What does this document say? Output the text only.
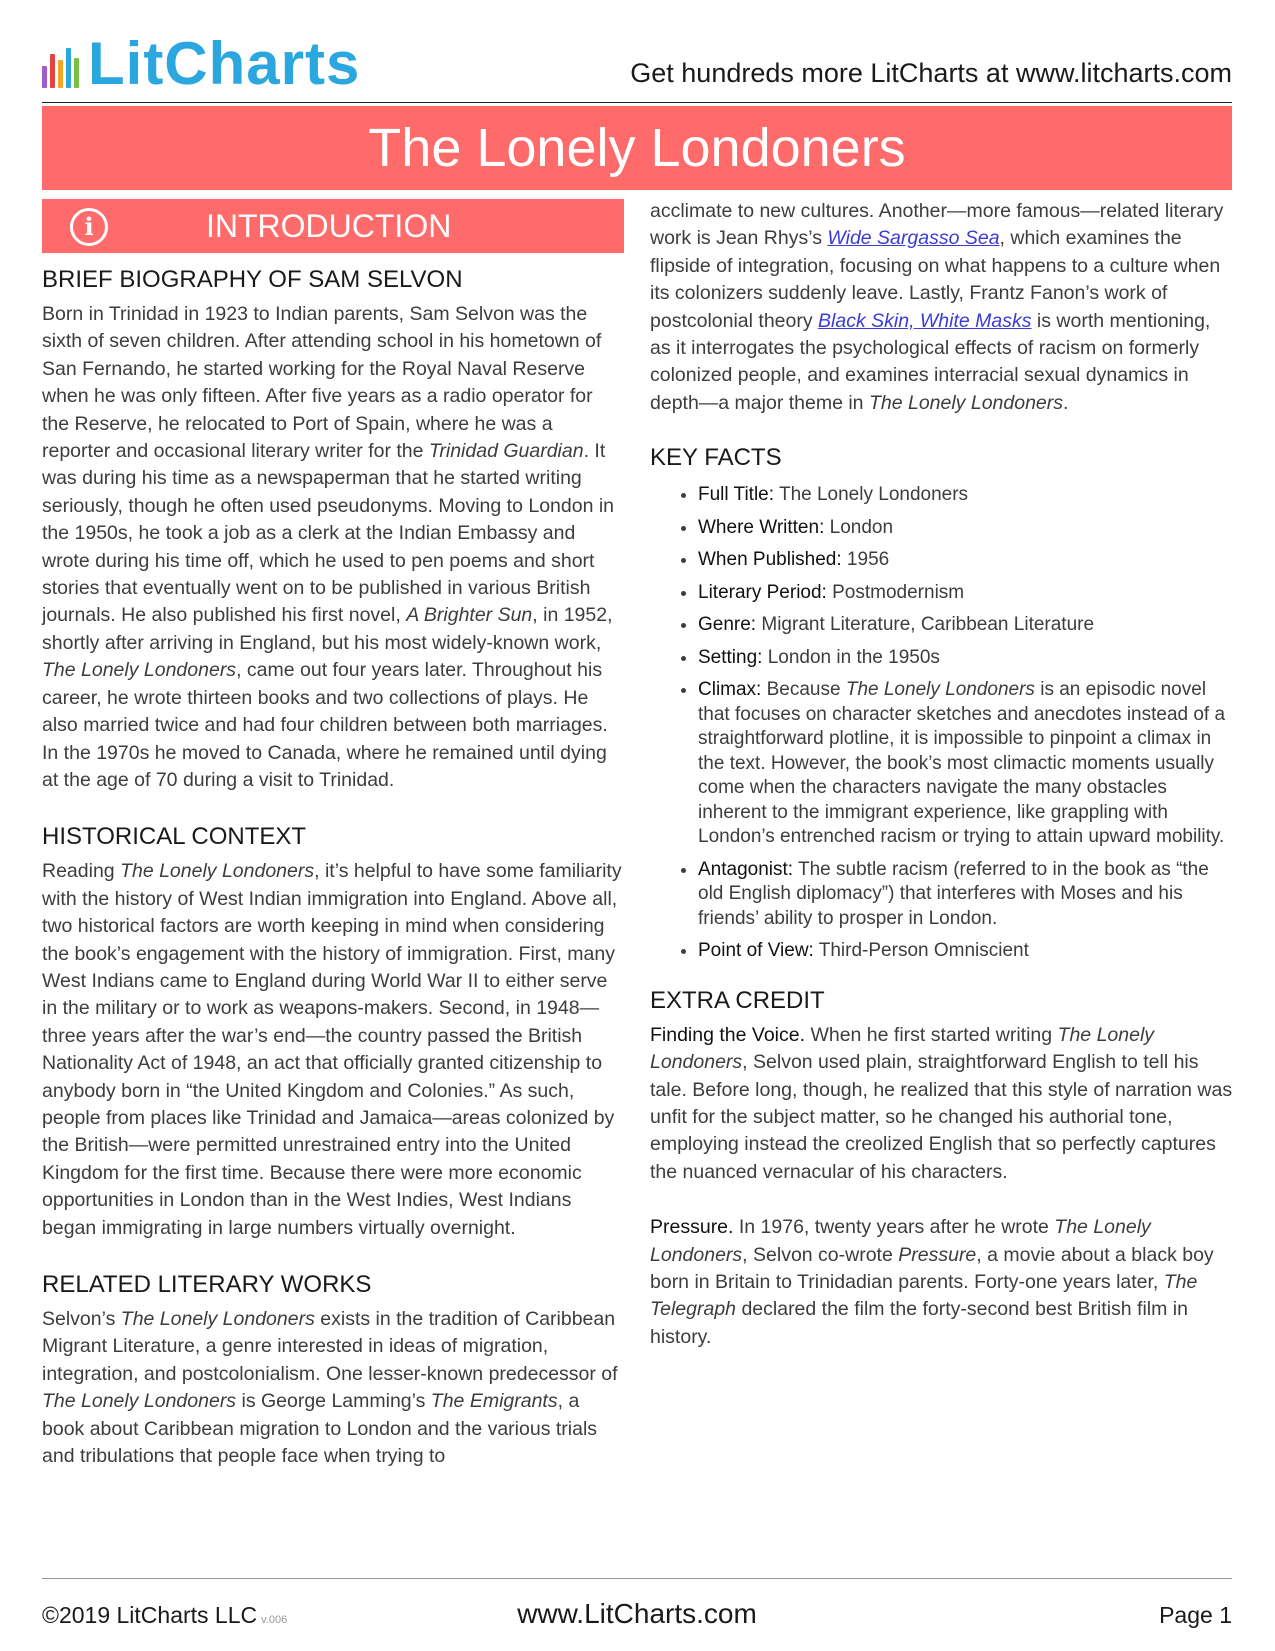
LitCharts	Get hundreds more LitCharts at www.litcharts.com
The Lonely Londoners
i	INTRODUCTION
BRIEF BIOGRAPHY OF SAM SELVON

Born in Trinidad in 1923 to Indian parents, Sam Selvon was the sixth of seven children. After attending school in his hometown of San Fernando, he started working for the Royal Naval Reserve when he was only fifteen. After five years as a radio operator for the Reserve, he relocated to Port of Spain, where he was a reporter and occasional literary writer for the Trinidad Guardian. It was during his time as a newspaperman that he started writing seriously, though he often used pseudonyms. Moving to London in the 1950s, he took a job as a clerk at the Indian Embassy and wrote during his time off, which he used to pen poems and short stories that eventually went on to be published in various British journals. He also published his first novel, A Brighter Sun, in 1952, shortly after arriving in England, but his most widely-known work, The Lonely Londoners, came out four years later. Throughout his career, he wrote thirteen books and two collections of plays. He also married twice and had four children between both marriages. In the 1970s he moved to Canada, where he remained until dying at the age of 70 during a visit to Trinidad.

HISTORICAL CONTEXT

Reading The Lonely Londoners, it’s helpful to have some familiarity with the history of West Indian immigration into England. Above all, two historical factors are worth keeping in mind when considering the book’s engagement with the history of immigration. First, many West Indians came to England during World War II to either serve in the military or to work as weapons-makers. Second, in 1948—three years after the war’s end—the country passed the British Nationality Act of 1948, an act that officially granted citizenship to anybody born in “the United Kingdom and Colonies.” As such, people from places like Trinidad and Jamaica—areas colonized by the British—were permitted unrestrained entry into the United Kingdom for the first time. Because there were more economic opportunities in London than in the West Indies, West Indians began immigrating in large numbers virtually overnight.

RELATED LITERARY WORKS

Selvon’s The Lonely Londoners exists in the tradition of Caribbean Migrant Literature, a genre interested in ideas of migration, integration, and postcolonialism. One lesser-known predecessor of The Lonely Londoners is George Lamming’s The Emigrants, a book about Caribbean migration to London and the various trials and tribulations that people face when trying to

acclimate to new cultures. Another—more famous—related literary work is Jean Rhys’s Wide Sargasso Sea, which examines the flipside of integration, focusing on what happens to a culture when its colonizers suddenly leave. Lastly, Frantz Fanon’s work of postcolonial theory Black Skin, White Masks is worth mentioning, as it interrogates the psychological effects of racism on formerly colonized people, and examines interracial sexual dynamics in depth—a major theme in The Lonely Londoners.

KEY FACTS
• Full Title: The Lonely Londoners
• Where Written: London
• When Published: 1956
• Literary Period: Postmodernism
• Genre: Migrant Literature, Caribbean Literature
• Setting: London in the 1950s
• Climax: Because The Lonely Londoners is an episodic novel that focuses on character sketches and anecdotes instead of a straightforward plotline, it is impossible to pinpoint a climax in the text. However, the book’s most climactic moments usually come when the characters navigate the many obstacles inherent to the immigrant experience, like grappling with London’s entrenched racism or trying to attain upward mobility.
• Antagonist: The subtle racism (referred to in the book as “the old English diplomacy”) that interferes with Moses and his friends’ ability to prosper in London.
• Point of View: Third-Person Omniscient
EXTRA CREDIT

Finding the Voice. When he first started writing The Lonely Londoners, Selvon used plain, straightforward English to tell his tale. Before long, though, he realized that this style of narration was unfit for the subject matter, so he changed his authorial tone, employing instead the creolized English that so perfectly captures the nuanced vernacular of his characters.

Pressure. In 1976, twenty years after he wrote The Lonely Londoners, Selvon co-wrote Pressure, a movie about a black boy born in Britain to Trinidadian parents. Forty-one years later, The Telegraph declared the film the forty-second best British film in history.

©2019 LitCharts LLC v.006	www.LitCharts.com	Page 1
